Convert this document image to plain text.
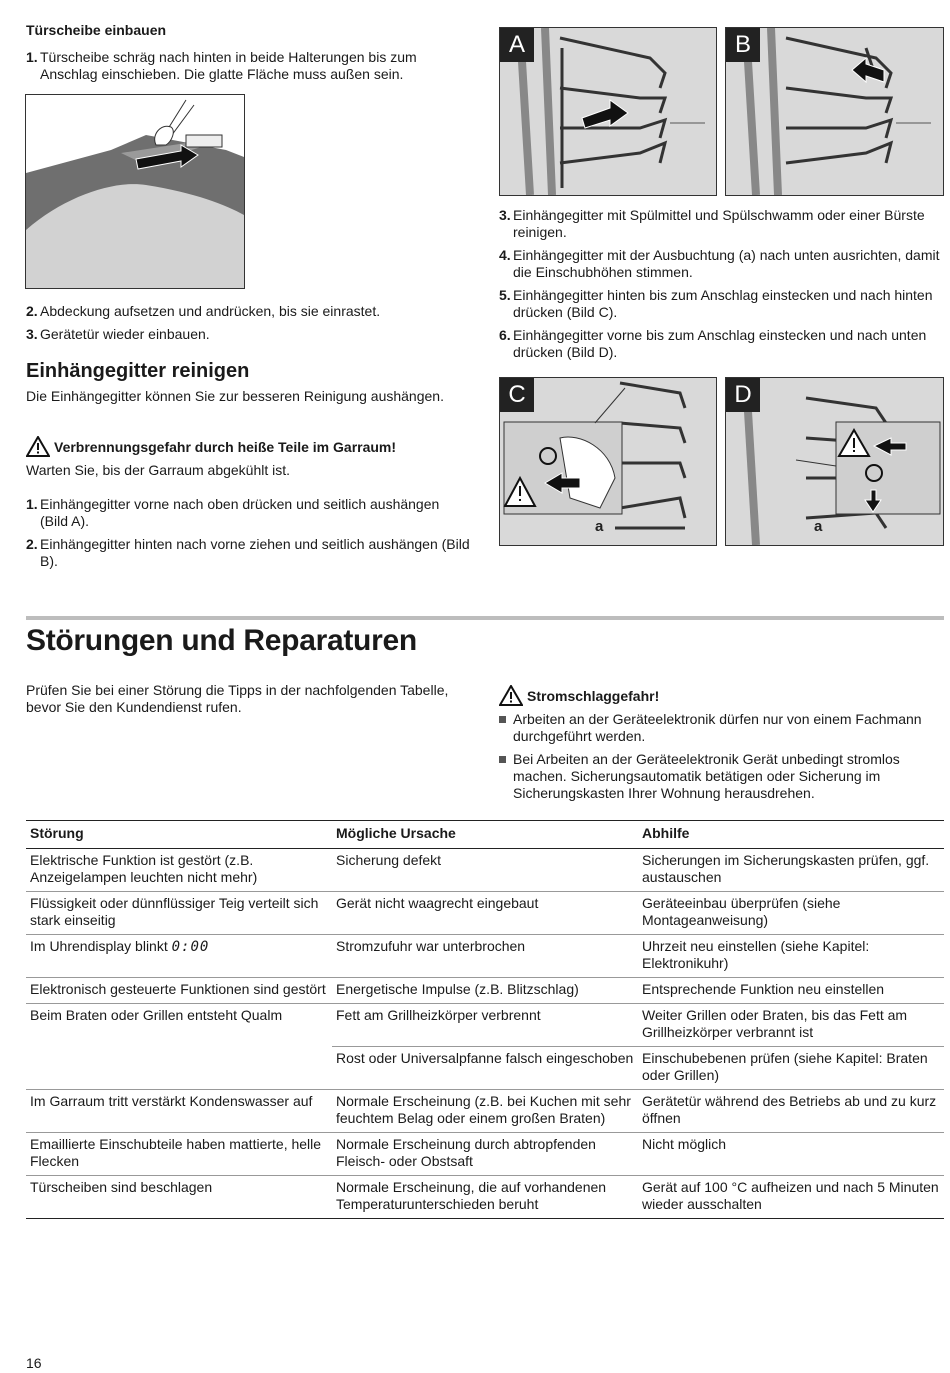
Türscheibe einbauen
1. Türscheibe schräg nach hinten in beide Halterungen bis zum Anschlag einschieben. Die glatte Fläche muss außen sein.
2. Abdeckung aufsetzen und andrücken, bis sie einrastet.
3. Gerätetür wieder einbauen.
Einhängegitter reinigen
Die Einhängegitter können Sie zur besseren Reinigung aushängen.
Verbrennungsgefahr durch heiße Teile im Garraum!
Warten Sie, bis der Garraum abgekühlt ist.
1. Einhängegitter vorne nach oben drücken und seitlich aushängen (Bild A).
2. Einhängegitter hinten nach vorne ziehen und seitlich aushängen (Bild B).
A	B
3. Einhängegitter mit Spülmittel und Spülschwamm oder einer Bürste reinigen.
4. Einhängegitter mit der Ausbuchtung (a) nach unten ausrichten, damit die Einschubhöhen stimmen.
5. Einhängegitter hinten bis zum Anschlag einstecken und nach hinten drücken (Bild C).
6. Einhängegitter vorne bis zum Anschlag einstecken und nach unten drücken (Bild D).
a
C
a
D
Störungen und Reparaturen
Prüfen Sie bei einer Störung die Tipps in der nachfolgenden Tabelle, bevor Sie den Kundendienst rufen.
Stromschlaggefahr!
Arbeiten an der Geräteelektronik dürfen nur von einem Fachmann durchgeführt werden.
Bei Arbeiten an der Geräteelektronik Gerät unbedingt stromlos machen. Sicherungsautomatik betätigen oder Sicherung im Sicherungskasten Ihrer Wohnung herausdrehen.
Störung	Mögliche Ursache	Abhilfe
Elektrische Funktion ist gestört (z.B. Anzeigelampen leuchten nicht mehr)	Sicherung defekt	Sicherungen im Sicherungskasten prüfen, ggf. austauschen
Flüssigkeit oder dünnflüssiger Teig verteilt sich stark einseitig	Gerät nicht waagrecht eingebaut	Geräteeinbau überprüfen (siehe Montageanweisung)
Im Uhrendisplay blinkt 0:00	Stromzufuhr war unterbrochen	Uhrzeit neu einstellen (siehe Kapitel: Elektronikuhr)
Elektronisch gesteuerte Funktionen sind gestört	Energetische Impulse (z.B. Blitzschlag)	Entsprechende Funktion neu einstellen
Beim Braten oder Grillen entsteht Qualm	Fett am Grillheizkörper verbrennt	Weiter Grillen oder Braten, bis das Fett am Grillheizkörper verbrannt ist
	Rost oder Universalpfanne falsch eingeschoben	Einschubebenen prüfen (siehe Kapitel: Braten oder Grillen)
Im Garraum tritt verstärkt Kondenswasser auf	Normale Erscheinung (z.B. bei Kuchen mit sehr feuchtem Belag oder einem großen Braten)	Gerätetür während des Betriebs ab und zu kurz öffnen
Emaillierte Einschubteile haben mattierte, helle Flecken	Normale Erscheinung durch abtropfenden Fleisch- oder Obstsaft	Nicht möglich
Türscheiben sind beschlagen	Normale Erscheinung, die auf vorhandenen Temperaturunterschieden beruht	Gerät auf 100 °C aufheizen und nach 5 Minuten wieder ausschalten
16
